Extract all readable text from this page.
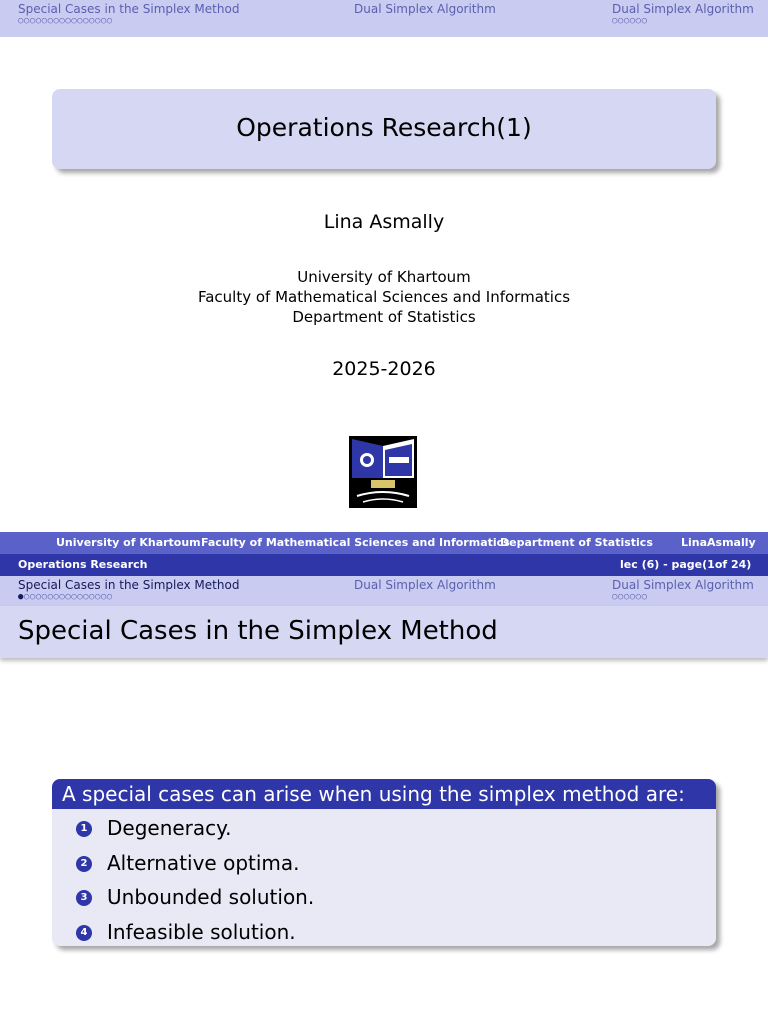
Special Cases in the Simplex Method
○○○○○○○○○○○○○○○○
Dual Simplex Algorithm	Dual Simplex Algorithm
○○○○○○
Operations Research(1)
Lina Asmally
University of Khartoum
Faculty of Mathematical Sciences and Informatics
Department of Statistics
2025-2026
University of Khartoum Faculty of Mathematical Sciences and Informatics
Department of Statistics	LinaAsmally
Operations Research	lec (6) - page(1of 24)
Special Cases in the Simplex Method
●○○○○○○○○○○○○○○○
Dual Simplex Algorithm	Dual Simplex Algorithm
○○○○○○
Special Cases in the Simplex Method
A special cases can arise when using the simplex method are:
1 Degeneracy.
2 Alternative optima.
3 Unbounded solution.
4 Infeasible solution.
